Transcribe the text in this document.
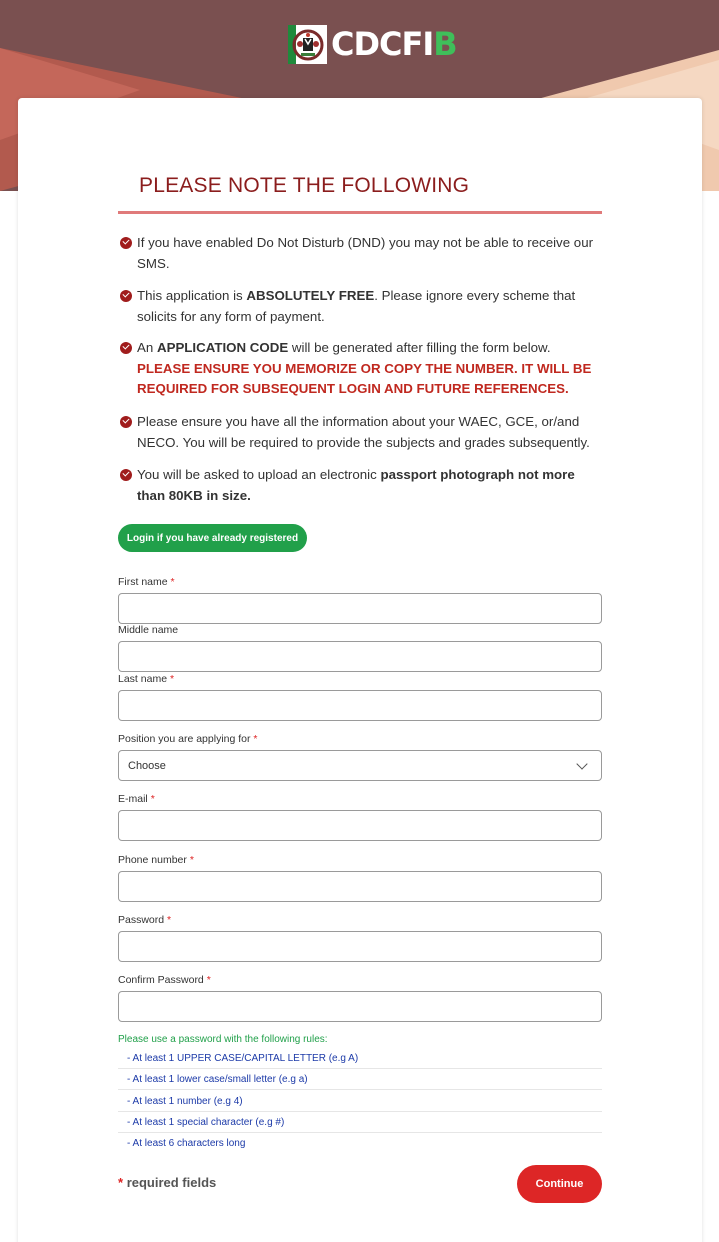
CDCFIB
PLEASE NOTE THE FOLLOWING
If you have enabled Do Not Disturb (DND) you may not be able to receive our SMS.
This application is ABSOLUTELY FREE. Please ignore every scheme that solicits for any form of payment.
An APPLICATION CODE will be generated after filling the form below. PLEASE ENSURE YOU MEMORIZE OR COPY THE NUMBER. IT WILL BE REQUIRED FOR SUBSEQUENT LOGIN AND FUTURE REFERENCES.
Please ensure you have all the information about your WAEC, GCE, or/and NECO. You will be required to provide the subjects and grades subsequently.
You will be asked to upload an electronic passport photograph not more than 80KB in size.
Login if you have already registered
First name *
Middle name
Last name *
Position you are applying for *
Choose
E-mail *
Phone number *
Password *
Confirm Password *
Please use a password with the following rules:
- At least 1 UPPER CASE/CAPITAL LETTER (e.g A)
- At least 1 lower case/small letter (e.g a)
- At least 1 number (e.g 4)
- At least 1 special character (e.g #)
- At least 6 characters long
* required fields	Continue
